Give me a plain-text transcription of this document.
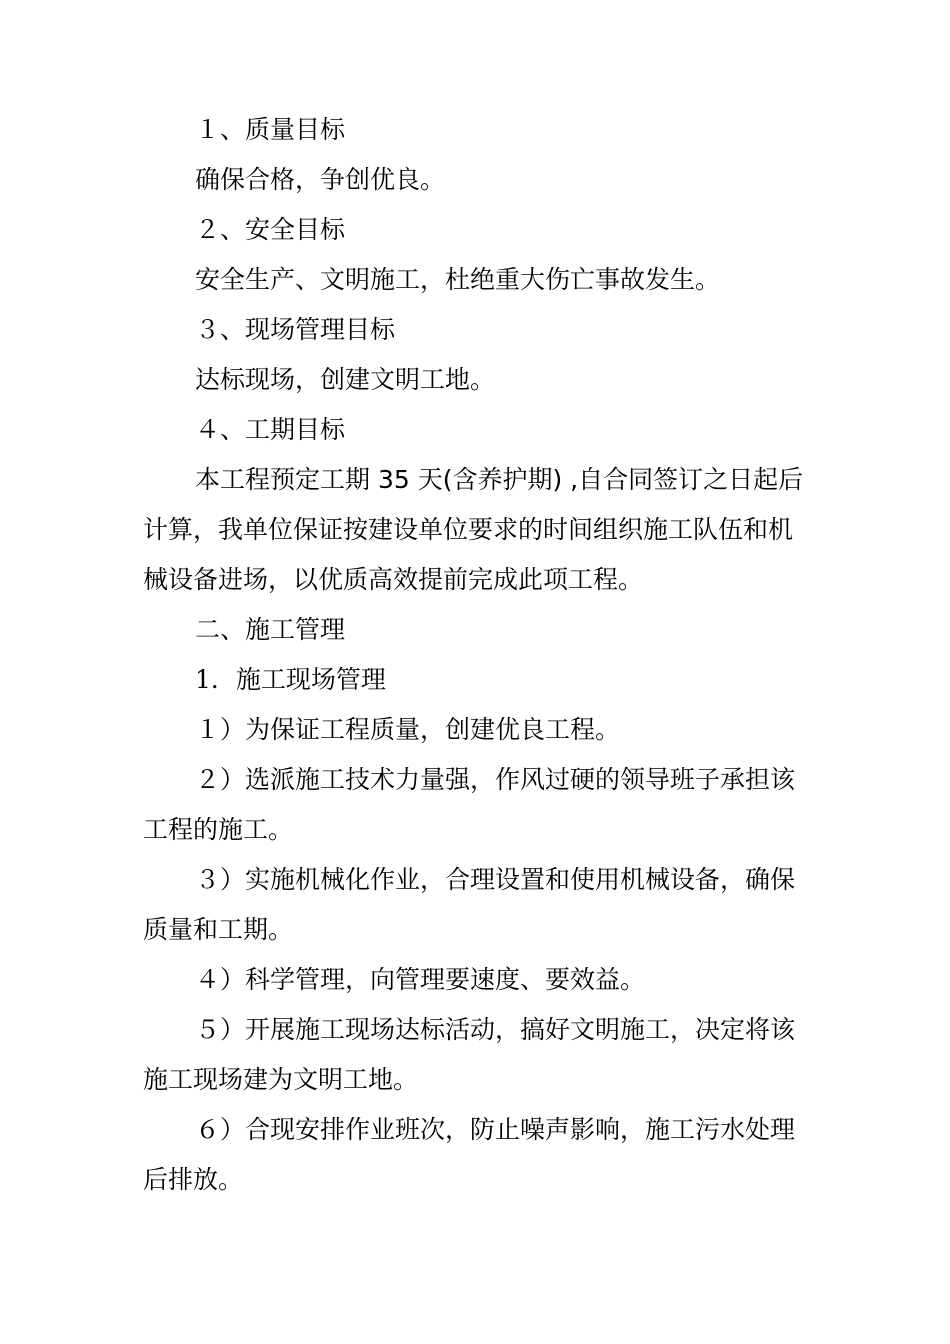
１、质量目标

确保合格，争创优良。

２、安全目标

安全生产、文明施工，杜绝重大伤亡事故发生。

３、现场管理目标

达标现场，创建文明工地。

４、工期目标

本工程预定工期 35 天(含养护期) ,自合同签订之日起后计算，我单位保证按建设单位要求的时间组织施工队伍和机械设备进场，以优质高效提前完成此项工程。

二、施工管理

1．施工现场管理

１）为保证工程质量，创建优良工程。

２）选派施工技术力量强，作风过硬的领导班子承担该工程的施工。

３）实施机械化作业，合理设置和使用机械设备，确保质量和工期。

４）科学管理，向管理要速度、要效益。

５）开展施工现场达标活动，搞好文明施工，决定将该施工现场建为文明工地。

６）合现安排作业班次，防止噪声影响，施工污水处理后排放。
